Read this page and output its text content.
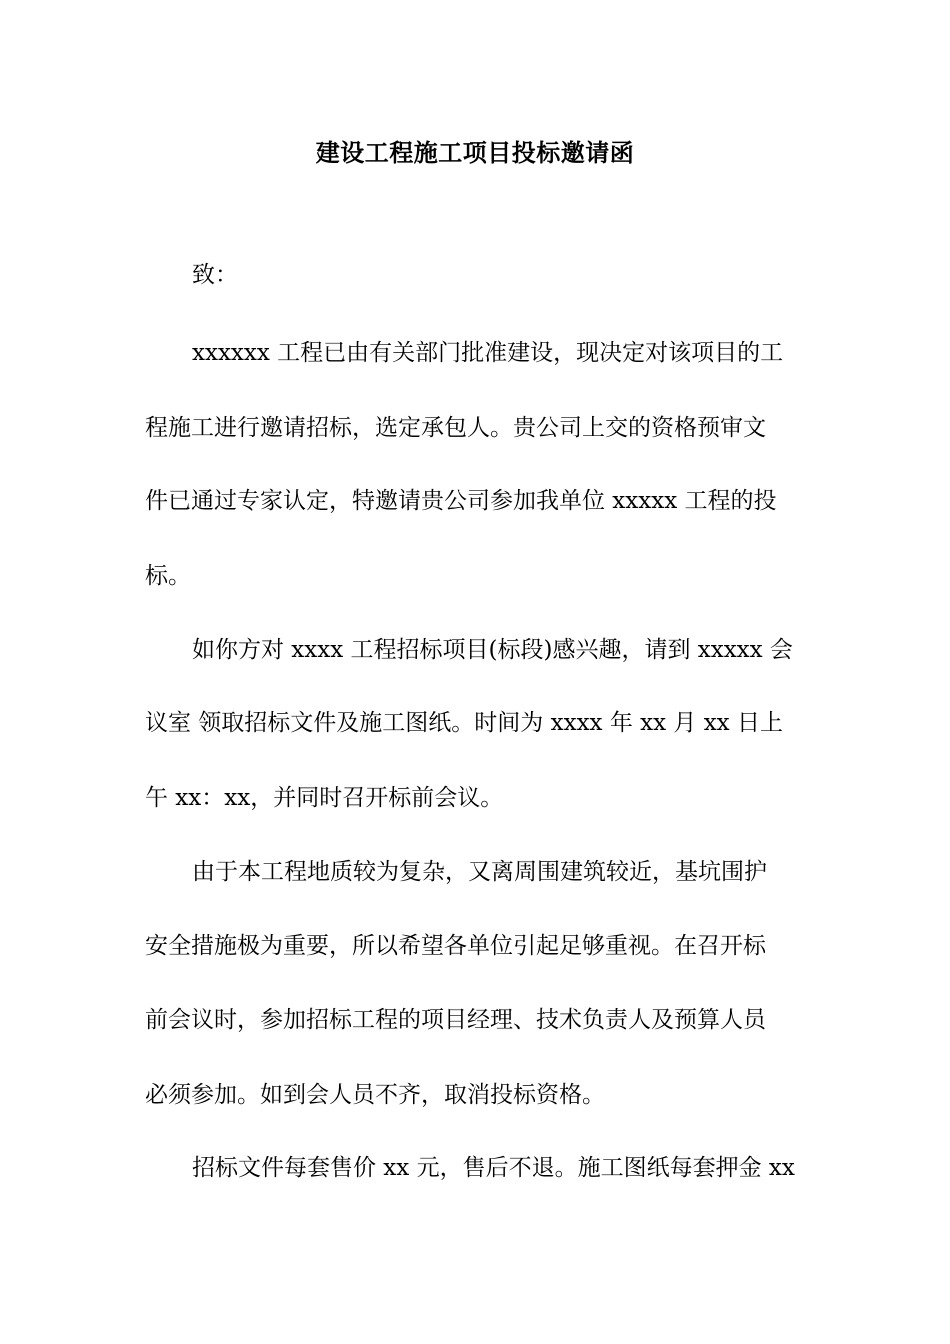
建设工程施工项目投标邀请函
致：
xxxxxx 工程已由有关部门批准建设，现决定对该项目的工
程施工进行邀请招标，选定承包人。贵公司上交的资格预审文
件已通过专家认定，特邀请贵公司参加我单位 xxxxx 工程的投
标。
如你方对 xxxx 工程招标项目(标段)感兴趣，请到 xxxxx 会
议室 领取招标文件及施工图纸。时间为 xxxx 年 xx 月 xx 日上
午 xx：xx，并同时召开标前会议。
由于本工程地质较为复杂，又离周围建筑较近，基坑围护
安全措施极为重要，所以希望各单位引起足够重视。在召开标
前会议时，参加招标工程的项目经理、技术负责人及预算人员
必须参加。如到会人员不齐，取消投标资格。
招标文件每套售价 xx 元，售后不退。施工图纸每套押金 xx
